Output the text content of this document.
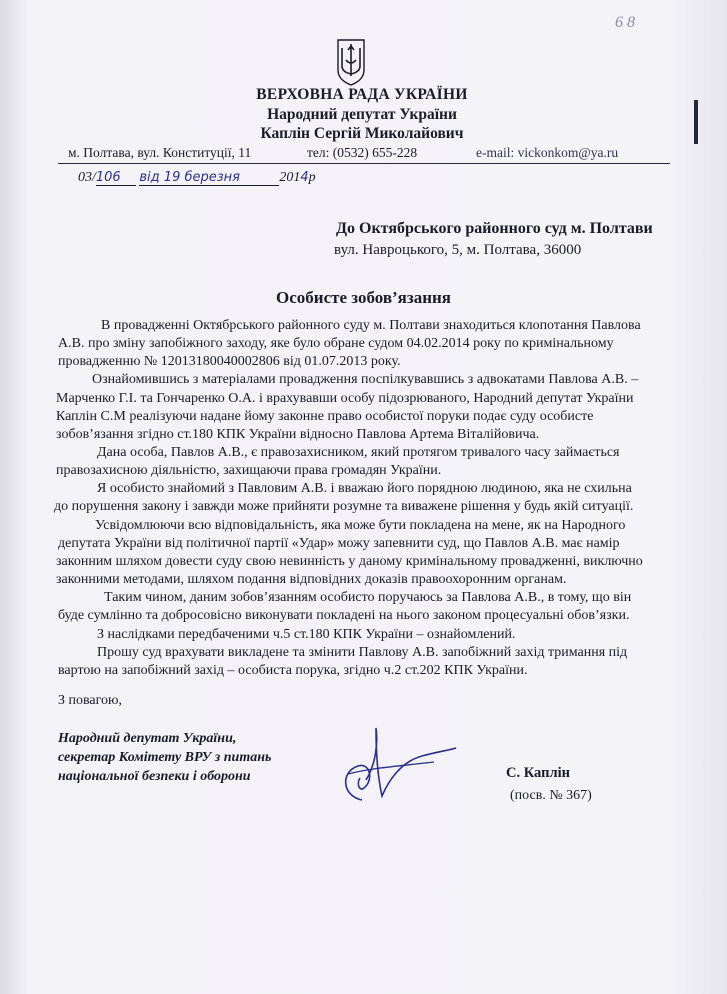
6 8
ВЕРХОВНА РАДА УКРАЇНИ
Народний депутат України
Каплін Сергій Миколайович
м. Полтава, вул. Конституції, 11	тел: (0532) 655-228	e-mail: vickonkom@ya.ru
03/106 від 19 березня	2014р
До Октябрського районного суд м. Полтави
вул. Навроцького, 5, м. Полтава, 36000
Особисте зобов’язання
В провадженні Октябрського районного суду м. Полтави знаходиться клопотання Павлова
А.В. про зміну запобіжного заходу, яке було обране судом 04.02.2014 року по кримінальному
провадженню № 12013180040002806 від 01.07.2013 року.
Ознайомившись з матеріалами провадження поспілкувавшись з адвокатами Павлова А.В. –
Марченко Г.І. та Гончаренко О.А. і врахувавши особу підозрюваного, Народний депутат України
Каплін С.М реалізуючи надане йому законне право особистої поруки подає суду особисте
зобов’язання згідно ст.180 КПК України відносно Павлова Артема Віталійовича.
Дана особа, Павлов А.В., є правозахисником, який протягом тривалого часу займається
правозахисною діяльністю, захищаючи права громадян України.
Я особисто знайомий з Павловим А.В. і вважаю його порядною людиною, яка не схильна
до порушення закону і завжди може прийняти розумне та виважене рішення у будь якій ситуації.
Усвідомлюючи всю відповідальність, яка може бути покладена на мене, як на Народного
депутата України від політичної партії «Удар» можу запевнити суд, що Павлов А.В. має намір
законним шляхом довести суду свою невинність у даному кримінальному провадженні, виключно
законними методами, шляхом подання відповідних доказів правоохоронним органам.
Таким чином, даним зобов’язанням особисто поручаюсь за Павлова А.В., в тому, що він
буде сумлінно та добросовісно виконувати покладені на нього законом процесуальні обов’язки.
З наслідками передбаченими ч.5 ст.180 КПК України – ознайомлений.
Прошу суд врахувати викладене та змінити Павлову А.В. запобіжний захід тримання під
вартою на запобіжний захід – особиста порука, згідно ч.2 ст.202 КПК України.
З повагою,
Народний депутат України,
секретар Комітету ВРУ з питань
національної безпеки і оборони	С. Каплін
(посв. № 367)
